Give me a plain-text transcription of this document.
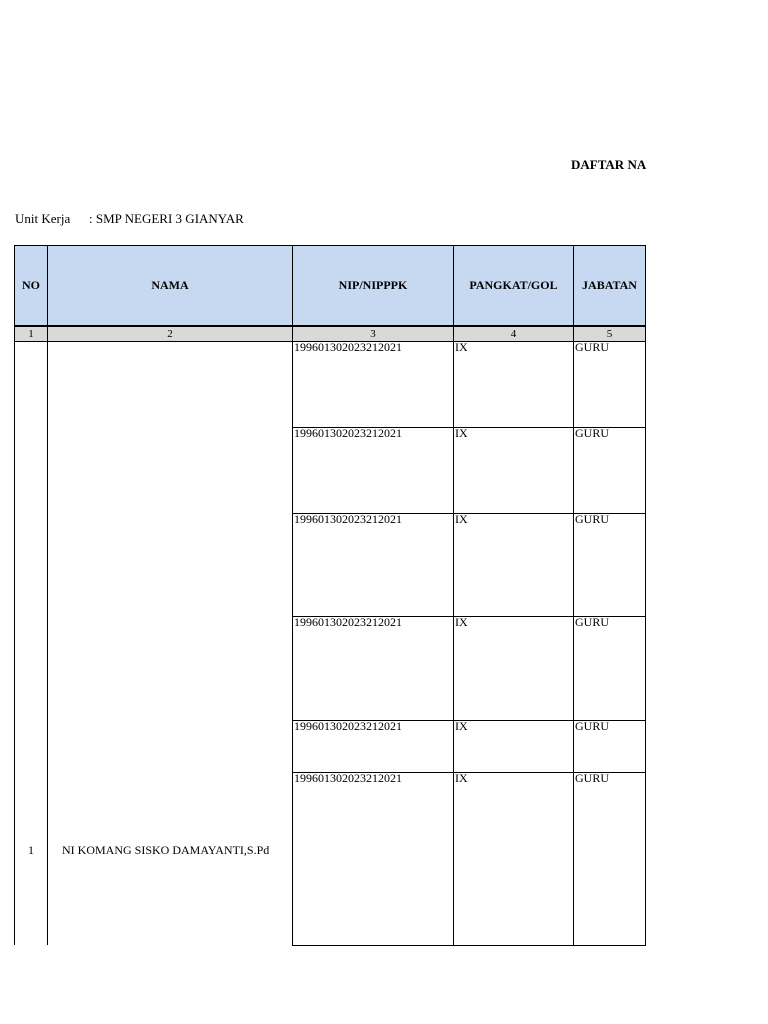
DAFTAR NA
Unit Kerja : SMP NEGERI 3 GIANYAR
NO	NAMA	NIP/NIPPPK	PANGKAT/GOL	JABATAN
1	2	3	4	5
1 NI KOMANG SISKO DAMAYANTI,S.Pd
199601302023212021	IX	GURU
199601302023212021	IX	GURU
199601302023212021	IX	GURU
199601302023212021	IX	GURU
199601302023212021	IX	GURU
199601302023212021	IX	GURU
